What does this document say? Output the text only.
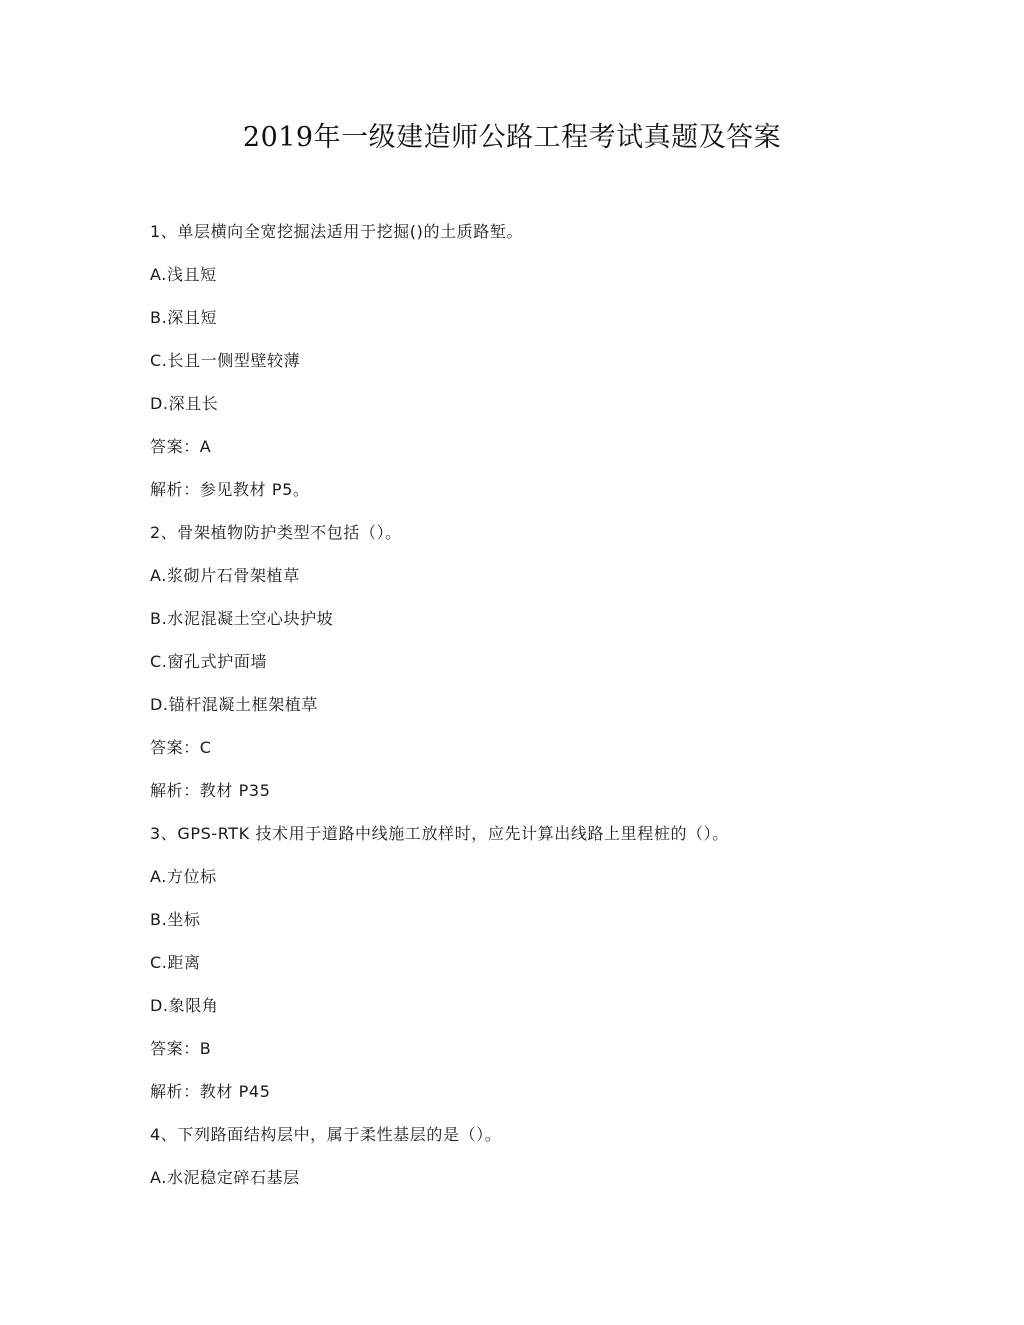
2019年一级建造师公路工程考试真题及答案
1、单层横向全宽挖掘法适用于挖掘()的土质路堑。
A.浅且短
B.深且短
C.长且一侧型壁较薄
D.深且长
答案：A
解析：参见教材 P5。
2、骨架植物防护类型不包括（）。
A.浆砌片石骨架植草
B.水泥混凝土空心块护坡
C.窗孔式护面墙
D.锚杆混凝土框架植草
答案：C
解析：教材 P35
3、GPS-RTK 技术用于道路中线施工放样时，应先计算出线路上里程桩的（）。
A.方位标
B.坐标
C.距离
D.象限角
答案：B
解析：教材 P45
4、下列路面结构层中，属于柔性基层的是（）。
A.水泥稳定碎石基层
